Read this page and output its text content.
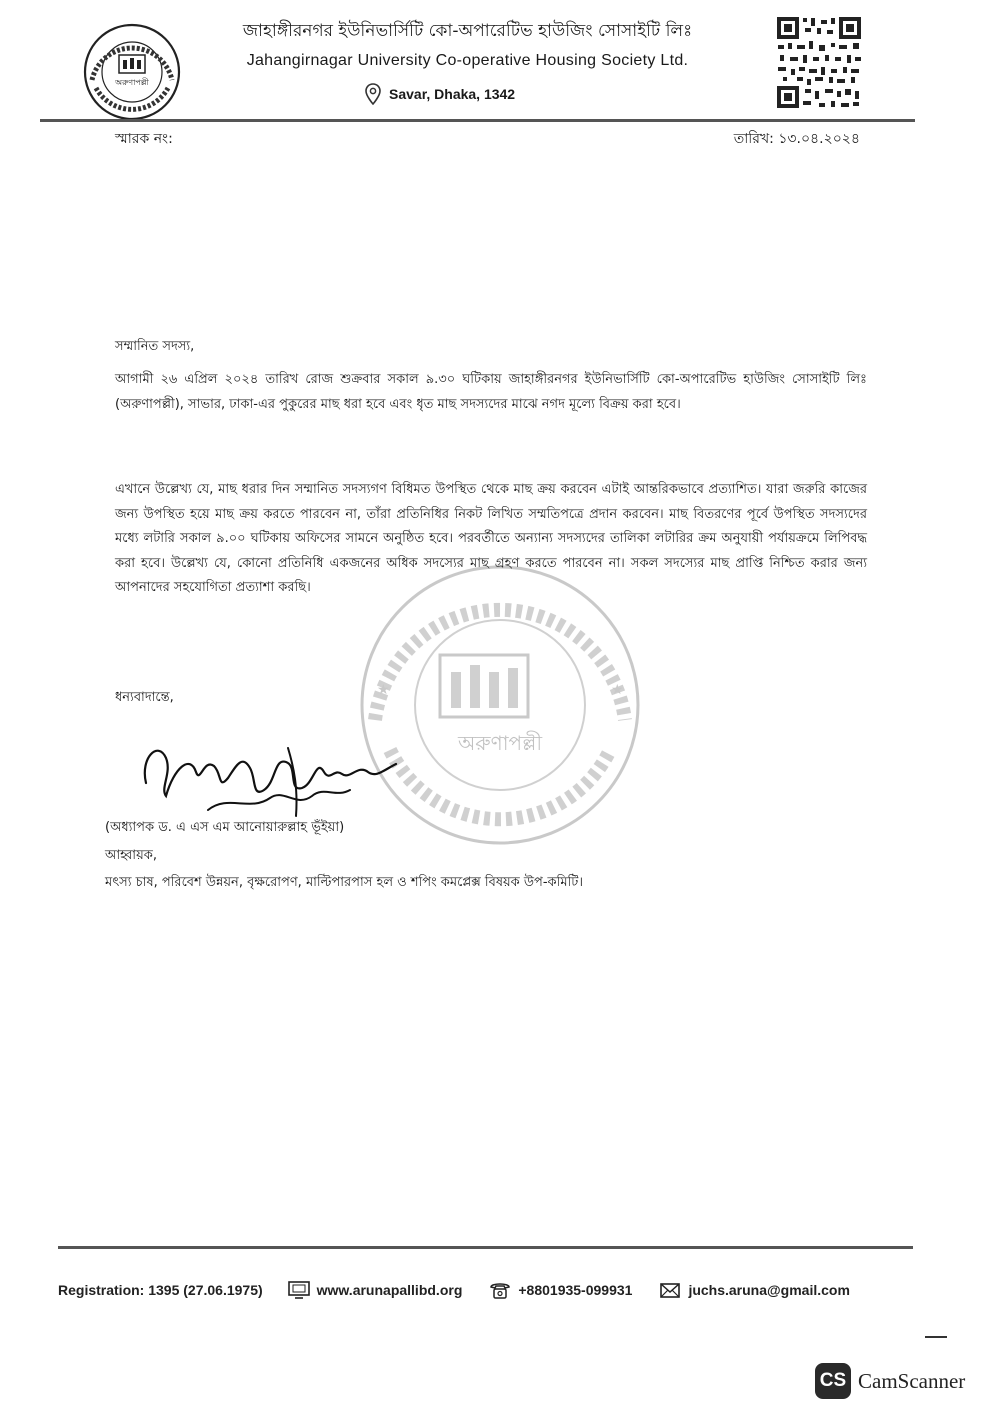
অরুণাপল্লী
জাহাঙ্গীরনগর ইউনিভার্সিটি কো-অপারেটিভ হাউজিং সোসাইটি লিঃ
Jahangirnagar University Co-operative Housing Society Ltd.
Savar, Dhaka, 1342
স্মারক নং:	তারিখ: ১৩.০৪.২০২৪
অরুণাপল্লী
★	★

সম্মানিত সদস্য,

আগামী ২৬ এপ্রিল ২০২৪ তারিখ রোজ শুক্রবার সকাল ৯.৩০ ঘটিকায় জাহাঙ্গীরনগর ইউনিভার্সিটি কো-অপারেটিভ হাউজিং সোসাইটি লিঃ (অরুণাপল্লী), সাভার, ঢাকা-এর পুকুরের মাছ ধরা হবে এবং ধৃত মাছ সদস্যদের মাঝে নগদ মূল্যে বিক্রয় করা হবে।

এখানে উল্লেখ্য যে, মাছ ধরার দিন সম্মানিত সদস্যগণ বিধিমত উপস্থিত থেকে মাছ ক্রয় করবেন এটাই আন্তরিকভাবে প্রত্যাশিত। যারা জরুরি কাজের জন্য উপস্থিত হয়ে মাছ ক্রয় করতে পারবেন না, তাঁরা প্রতিনিধির নিকট লিখিত সম্মতিপত্রে প্রদান করবেন। মাছ বিতরণের পূর্বে উপস্থিত সদস্যদের মধ্যে লটারি সকাল ৯.০০ ঘটিকায় অফিসের সামনে অনুষ্ঠিত হবে। পরবর্তীতে অন্যান্য সদস্যদের তালিকা লটারির ক্রম অনুযায়ী পর্যায়ক্রমে লিপিবদ্ধ করা হবে। উল্লেখ্য যে, কোনো প্রতিনিধি একজনের অধিক সদস্যের মাছ গ্রহণ করতে পারবেন না। সকল সদস্যের মাছ প্রাপ্তি নিশ্চিত করার জন্য আপনাদের সহযোগিতা প্রত্যাশা করছি।

ধন্যবাদান্তে,

(অধ্যাপক ড. এ এস এম আনোয়ারুল্লাহ ভূঁইয়া)
আহ্বায়ক,
মৎস্য চাষ, পরিবেশ উন্নয়ন, বৃক্ষরোপণ, মাল্টিপারপাস হল ও শপিং কমপ্লেক্স বিষয়ক উপ-কমিটি।
Registration: 1395 (27.06.1975)	www.arunapallibd.org	+8801935-099931	juchs.aruna@gmail.com
CS CamScanner
